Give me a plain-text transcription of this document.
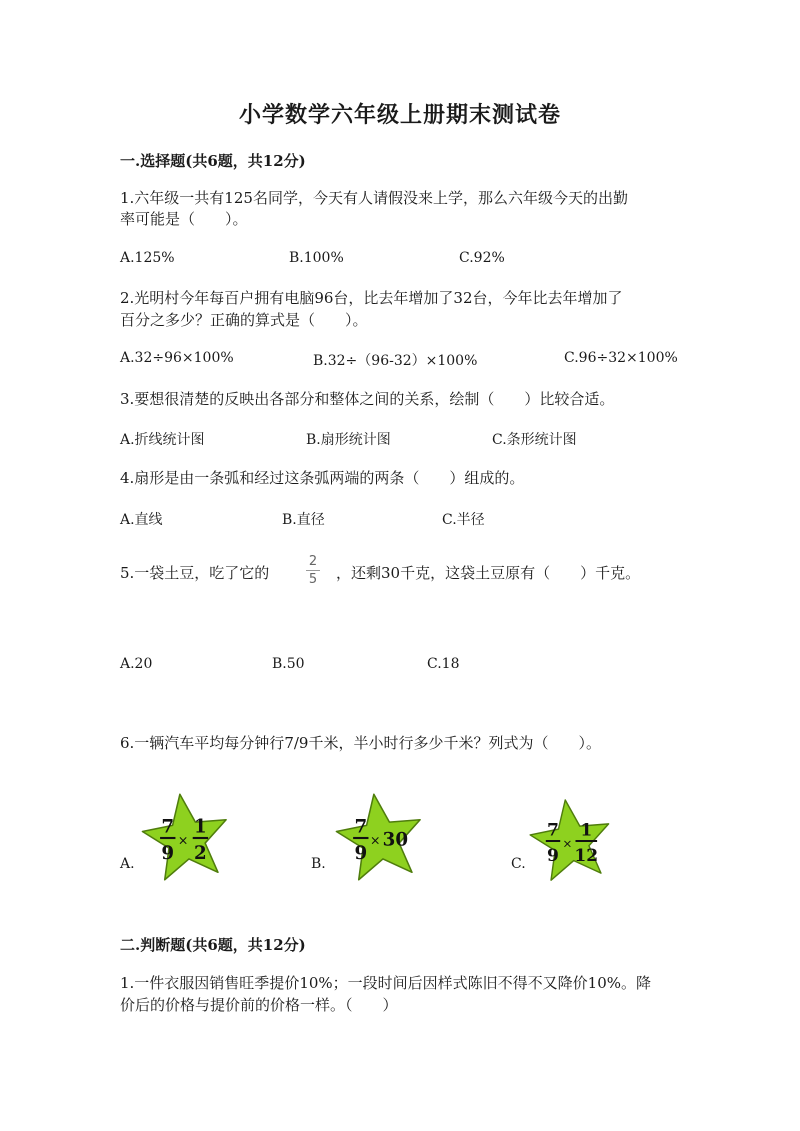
小学数学六年级上册期末测试卷
一.选择题(共6题，共12分)
1.六年级一共有125名同学，今天有人请假没来上学，那么六年级今天的出勤
率可能是（　　）。
A.125%	B.100%	C.92%
2.光明村今年每百户拥有电脑96台，比去年增加了32台，今年比去年增加了
百分之多少？正确的算式是（　　）。
A.32÷96×100%	B.32÷（96-32）×100%	C.96÷32×100%
3.要想很清楚的反映出各部分和整体之间的关系，绘制（　　）比较合适。
A.折线统计图	B.扇形统计图	C.条形统计图
4.扇形是由一条弧和经过这条弧两端的两条（　　）组成的。
A.直线	B.直径	C.半径
5.一袋土豆，吃了它的
2
5	，还剩30千克，这袋土豆原有（　　）千克。
A.20	B.50	C.18
6.一辆汽车平均每分钟行7/9千米，半小时行多少千米？列式为（　　）。
A.	B.	C.
7
9
×
1
2
7
9
× 30	7
9
×
1
12
二.判断题(共6题，共12分)
1.一件衣服因销售旺季提价10%；一段时间后因样式陈旧不得不又降价10%。降
价后的价格与提价前的价格一样。（　　）
